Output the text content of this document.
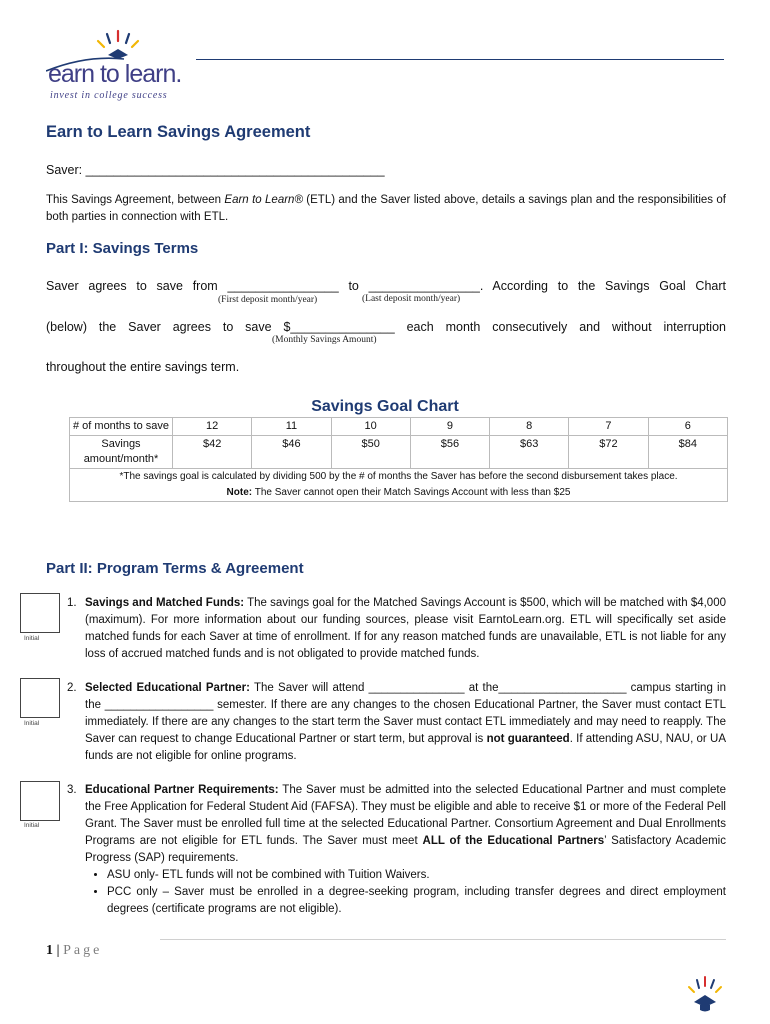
earn to learn.
invest in college success
Earn to Learn Savings Agreement
Saver: ___________________________________________
This Savings Agreement, between Earn to Learn® (ETL) and the Saver listed above, details a savings plan and the responsibilities of both parties in connection with ETL.
Part I: Savings Terms
Saver agrees to save from ________________ to ________________. According to the Savings Goal Chart
(First deposit month/year)	(Last deposit month/year)
(below) the Saver agrees to save $_______________ each month consecutively and without interruption
(Monthly Savings Amount)
throughout the entire savings term.
Savings Goal Chart
# of months to save	12	11	10	9	8	7	6
Savings amount/month*	$42	$46	$50	$56	$63	$72	$84
*The savings goal is calculated by dividing 500 by the # of months the Saver has before the second disbursement takes place.							
Note: The Saver cannot open their Match Savings Account with less than $25							
Part II: Program Terms & Agreement
Initial
Initial
Initial
1. Savings and Matched Funds: The savings goal for the Matched Savings Account is $500, which will be matched with $4,000 (maximum). For more information about our funding sources, please visit EarntoLearn.org. ETL will specifically set aside matched funds for each Saver at time of enrollment. If for any reason matched funds are unavailable, ETL is not liable for any loss of accrued matched funds and is not obligated to provide matched funds.
2. Selected Educational Partner: The Saver will attend _______________ at the____________________ campus starting in the _________________ semester. If there are any changes to the chosen Educational Partner, the Saver must contact ETL immediately. If there are any changes to the start term the Saver must contact ETL immediately and may need to reapply. The Saver can request to change Educational Partner or start term, but approval is not guaranteed. If attending ASU, NAU, or UA funds are not eligible for online programs.
3. Educational Partner Requirements: The Saver must be admitted into the selected Educational Partner and must complete the Free Application for Federal Student Aid (FAFSA). They must be eligible and able to receive $1 or more of the Federal Pell Grant. The Saver must be enrolled full time at the selected Educational Partner. Consortium Agreement and Dual Enrollments Programs are not eligible for ETL funds. The Saver must meet ALL of the Educational Partners’ Satisfactory Academic Progress (SAP) requirements.
• ASU only- ETL funds will not be combined with Tuition Waivers.
• PCC only – Saver must be enrolled in a degree-seeking program, including transfer degrees and direct employment degrees (certificate programs are not eligible).
1 | Page
